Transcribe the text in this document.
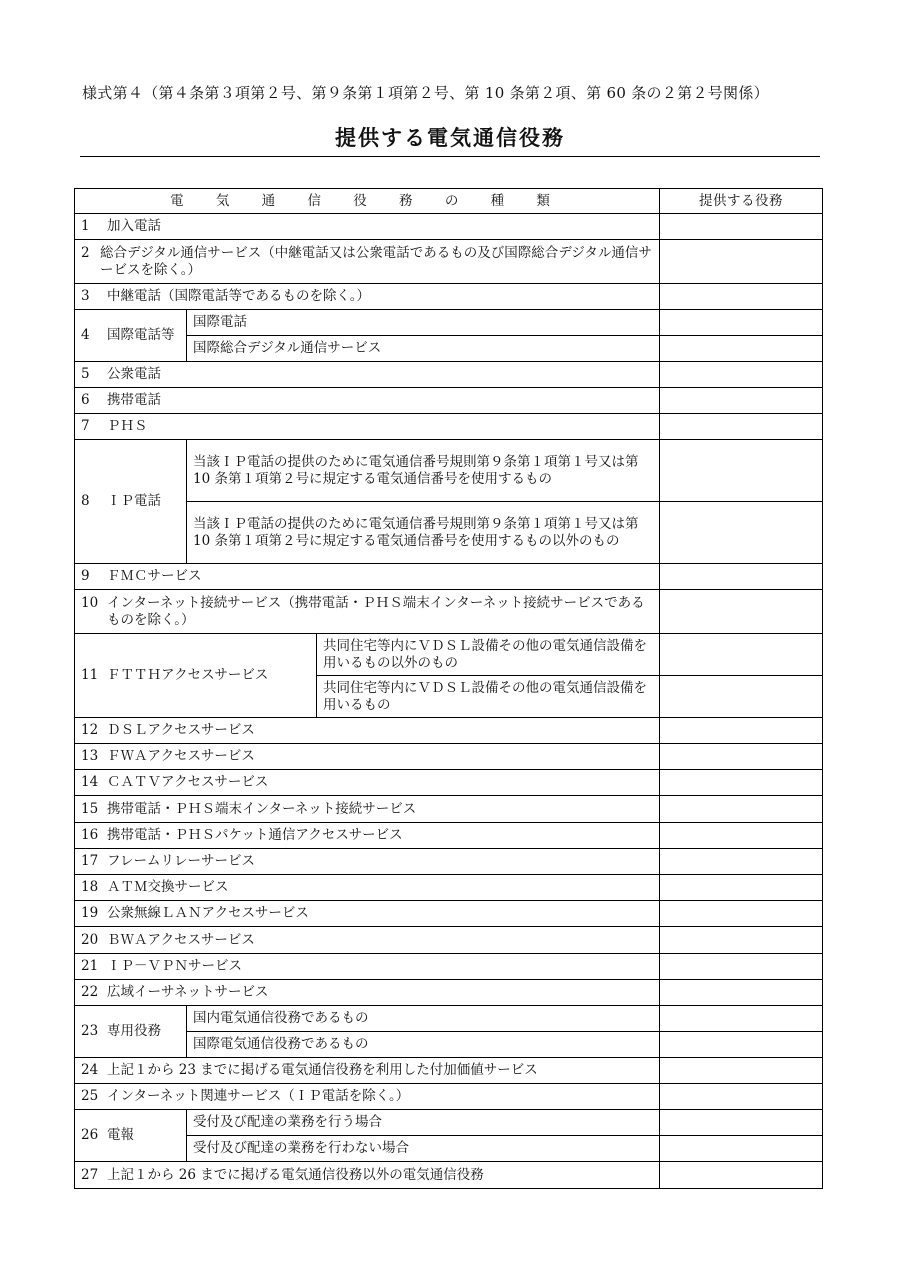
様式第４（第４条第３項第２号、第９条第１項第２号、第 10 条第２項、第 60 条の２第２号関係）
提供する電気通信役務
電 気 通 信 役 務 の 種 類			提供する役務
1 加入電話			

2 総合デジタル通信サービス（中継電話又は公衆電話であるもの及び国際総合デジタル通信サービスを除く。）			

3 中継電話（国際電話等であるものを除く。）			
4 国際電話等	国際電話		
	国際総合デジタル通信サービス		
5 公衆電話			
6 携帯電話			
7 ＰＨＳ			
8 ＩＰ電話	当該ＩＰ電話の提供のために電気通信番号規則第９条第１項第１号又は第 10 条第１項第２号に規定する電気通信番号を使用するもの		
	当該ＩＰ電話の提供のために電気通信番号規則第９条第１項第１号又は第 10 条第１項第２号に規定する電気通信番号を使用するもの以外のもの		
9 ＦＭＣサービス			

10 インターネット接続サービス（携帯電話・ＰＨＳ端末インターネット接続サービスであるものを除く。）			

11 ＦＴＴＨアクセスサービス		共同住宅等内にＶＤＳＬ設備その他の電気通信設備を用いるもの以外のもの	
		共同住宅等内にＶＤＳＬ設備その他の電気通信設備を用いるもの	
12 ＤＳＬアクセスサービス			
13 ＦＷＡアクセスサービス			
14 ＣＡＴＶアクセスサービス			
15 携帯電話・ＰＨＳ端末インターネット接続サービス			
16 携帯電話・ＰＨＳパケット通信アクセスサービス			
17 フレームリレーサービス			
18 ＡＴＭ交換サービス			
19 公衆無線ＬＡＮアクセスサービス			
20 ＢＷＡアクセスサービス			
21 ＩＰ－ＶＰＮサービス			
22 広域イーサネットサービス			
23 専用役務	国内電気通信役務であるもの		
	国際電気通信役務であるもの		
24 上記１から 23 までに掲げる電気通信役務を利用した付加価値サービス			
25 インターネット関連サービス（ＩＰ電話を除く。）			
26 電報	受付及び配達の業務を行う場合		
	受付及び配達の業務を行わない場合		
27 上記１から 26 までに掲げる電気通信役務以外の電気通信役務			
